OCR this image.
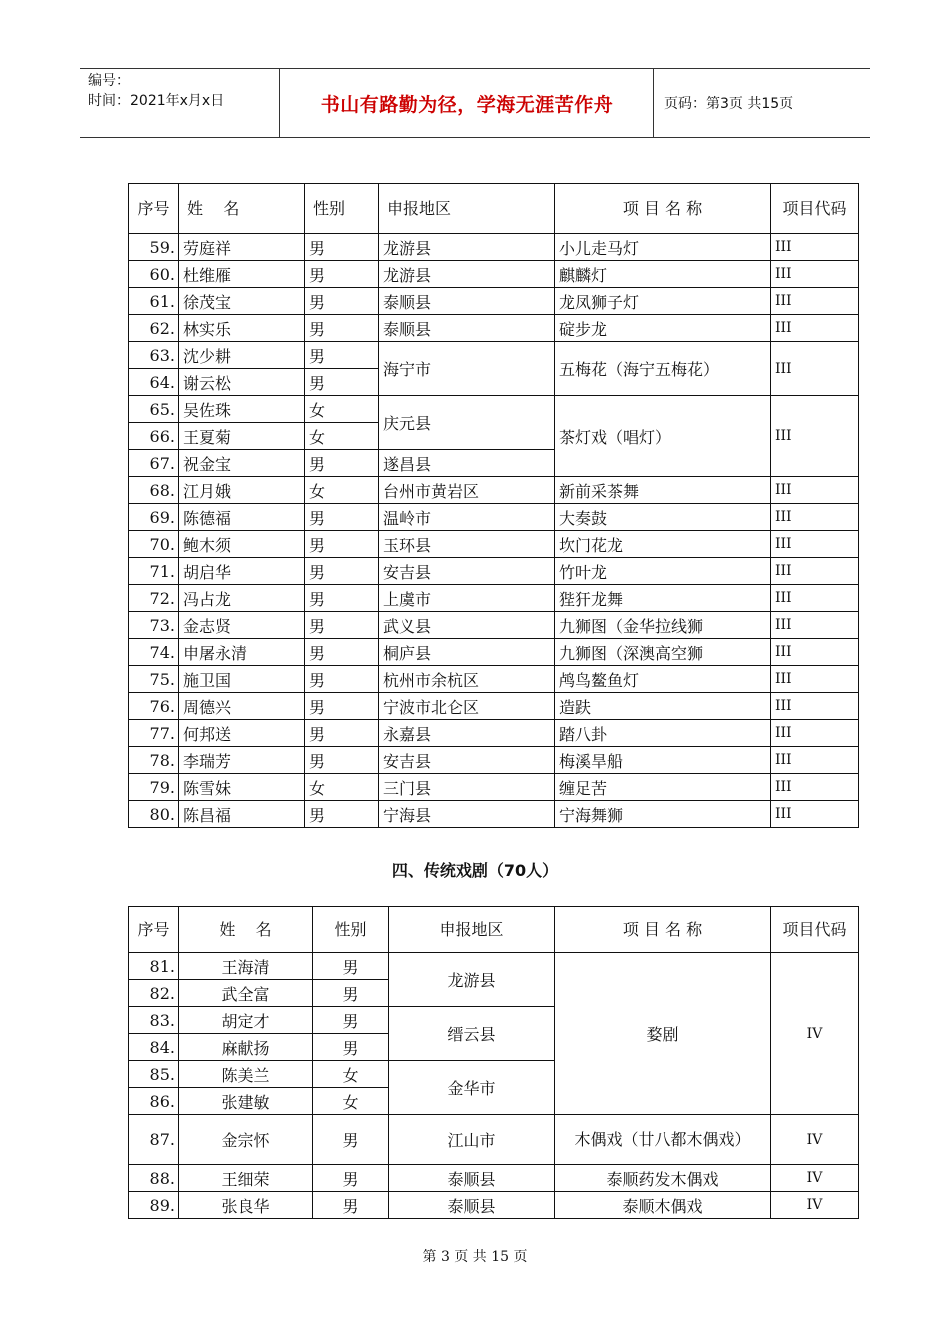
编号：
时间：2021年x月x日	书山有路勤为径，学海无涯苦作舟	页码：第3页 共15页
序号	姓    名	性别	申报地区	项 目 名 称	项目代码
59.	劳庭祥	男	龙游县	小儿走马灯	III
60.	杜维雁	男	龙游县	麒麟灯	III
61.	徐茂宝	男	泰顺县	龙凤狮子灯	III
62.	林实乐	男	泰顺县	碇步龙	III
63.	沈少耕	男	海宁市	五梅花（海宁五梅花）	III
64.	谢云松	男			
65.	吴佐珠	女	庆元县	茶灯戏（唱灯）	III
66.	王夏菊	女			
67.	祝金宝	男	遂昌县		
68.	江月娥	女	台州市黄岩区	新前采茶舞	III
69.	陈德福	男	温岭市	大奏鼓	III
70.	鲍木须	男	玉环县	坎门花龙	III
71.	胡启华	男	安吉县	竹叶龙	III
72.	冯占龙	男	上虞市	狴犴龙舞	III
73.	金志贤	男	武义县	九狮图（金华拉线狮	III
74.	申屠永清	男	桐庐县	九狮图（深澳高空狮	III
75.	施卫国	男	杭州市余杭区	鸬鸟鳌鱼灯	III
76.	周德兴	男	宁波市北仑区	造趺	III
77.	何邦送	男	永嘉县	踏八卦	III
78.	李瑞芳	男	安吉县	梅溪旱船	III
79.	陈雪妹	女	三门县	缠足苦	III
80.	陈昌福	男	宁海县	宁海舞狮	III
四、传统戏剧（70人）
序号	姓    名	性别	申报地区	项 目 名 称	项目代码
81.	王海清	男	龙游县	婺剧	IV
82.	武全富	男			
83.	胡定才	男	缙云县		
84.	麻献扬	男			
85.	陈美兰	女	金华市		
86.	张建敏	女			
87.	金宗怀	男	江山市	木偶戏（廿八都木偶戏）	IV
88.	王细荣	男	泰顺县	泰顺药发木偶戏	IV
89.	张良华	男	泰顺县	泰顺木偶戏	IV
第 3 页 共 15 页
